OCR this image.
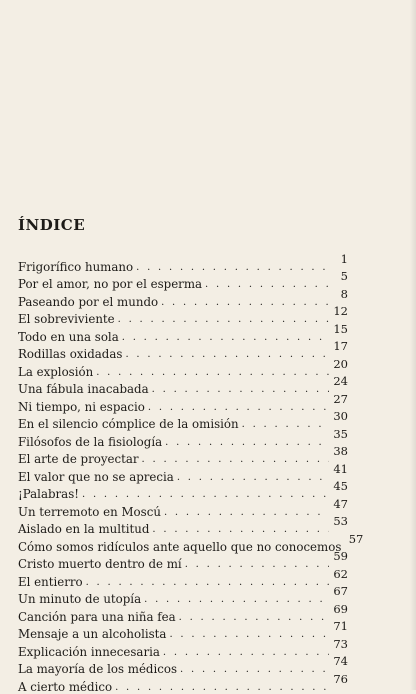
ÍNDICE
Frigorífico humano
. . .
1
Por el amor, no por el esperma
. . .
5
Paseando por el mundo
. . .
8
El sobreviviente
. . .
12
Todo en una sola
. . .
15
Rodillas oxidadas
. . .
17
La explosión
. . .
20
Una fábula inacabada
. . .
24
Ni tiempo, ni espacio
. . .
27
En el silencio cómplice de la omisión
. . .
30
Filósofos de la fisiología
. . .
35
El arte de proyectar
. . .
38
El valor que no se aprecia
. . .
41
¡Palabras!
. . .
45
Un terremoto en Moscú
. . .
47
Aislado en la multitud
. . .
53
Cómo somos ridículos ante aquello que no conocemos
57
Cristo muerto dentro de mí
. . .
59
El entierro
. . .
62
Un minuto de utopía
. . .
67
Canción para una niña fea
. . .
69
Mensaje a un alcoholista
. . .
71
Explicación innecesaria
. . .
73
La mayoría de los médicos
. . .
74
A cierto médico
. . .
76
